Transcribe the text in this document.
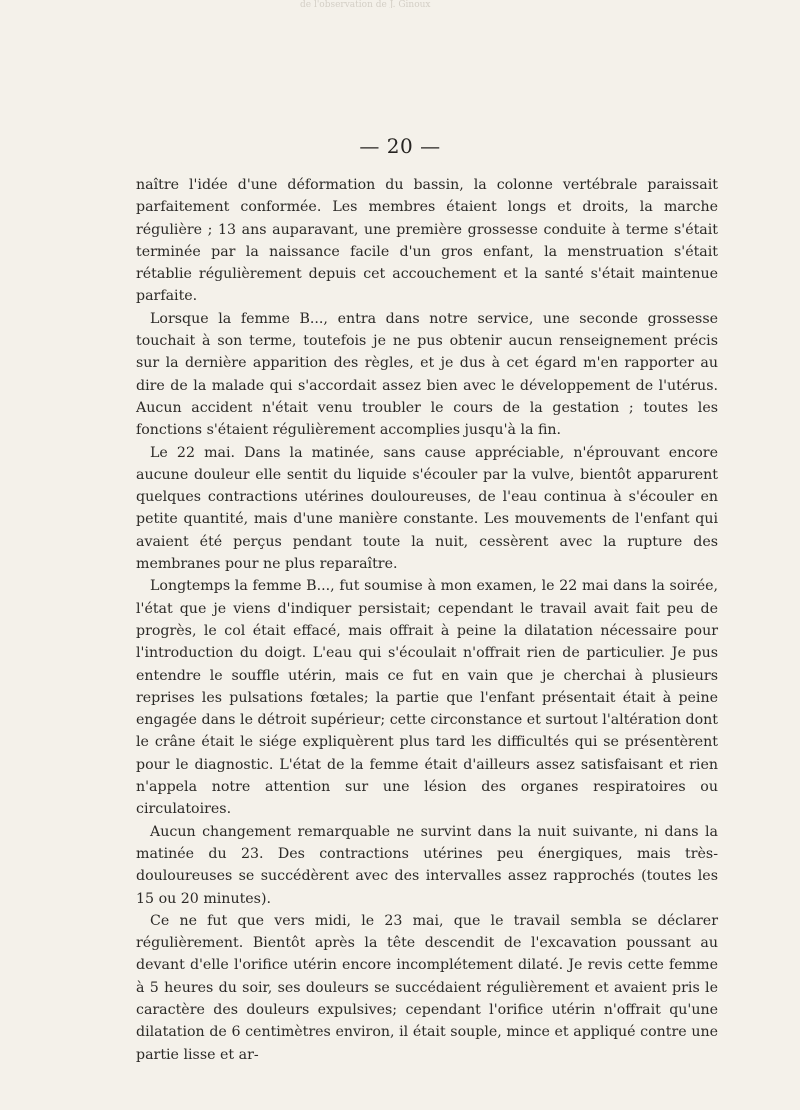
de l'observation de J. Ginoux
— 20 —

naître l'idée d'une déformation du bassin, la colonne vertébrale paraissait parfaitement conformée. Les membres étaient longs et droits, la marche régulière ; 13 ans auparavant, une première grossesse conduite à terme s'était terminée par la naissance facile d'un gros enfant, la menstruation s'était rétablie régulièrement depuis cet accouchement et la santé s'était maintenue parfaite.

Lorsque la femme B..., entra dans notre service, une seconde grossesse touchait à son terme, toutefois je ne pus obtenir aucun renseignement précis sur la dernière apparition des règles, et je dus à cet égard m'en rapporter au dire de la malade qui s'accordait assez bien avec le développement de l'utérus. Aucun accident n'était venu troubler le cours de la gestation ; toutes les fonctions s'étaient régulièrement accomplies jusqu'à la fin.

Le 22 mai. Dans la matinée, sans cause appréciable, n'éprouvant encore aucune douleur elle sentit du liquide s'écouler par la vulve, bientôt apparurent quelques contractions utérines douloureuses, de l'eau continua à s'écouler en petite quantité, mais d'une manière constante. Les mouvements de l'enfant qui avaient été perçus pendant toute la nuit, cessèrent avec la rupture des membranes pour ne plus reparaître.

Longtemps la femme B..., fut soumise à mon examen, le 22 mai dans la soirée, l'état que je viens d'indiquer persistait; cependant le travail avait fait peu de progrès, le col était effacé, mais offrait à peine la dilatation nécessaire pour l'introduction du doigt. L'eau qui s'écoulait n'offrait rien de particulier. Je pus entendre le souffle utérin, mais ce fut en vain que je cherchai à plusieurs reprises les pulsations fœtales; la partie que l'enfant présentait était à peine engagée dans le détroit supérieur; cette circonstance et surtout l'altération dont le crâne était le siége expliquèrent plus tard les difficultés qui se présentèrent pour le diagnostic. L'état de la femme était d'ailleurs assez satisfaisant et rien n'appela notre attention sur une lésion des organes respiratoires ou circulatoires.

Aucun changement remarquable ne survint dans la nuit suivante, ni dans la matinée du 23. Des contractions utérines peu énergiques, mais très-douloureuses se succédèrent avec des intervalles assez rapprochés (toutes les 15 ou 20 minutes).

Ce ne fut que vers midi, le 23 mai, que le travail sembla se déclarer régulièrement. Bientôt après la tête descendit de l'excavation poussant au devant d'elle l'orifice utérin encore incomplétement dilaté. Je revis cette femme à 5 heures du soir, ses douleurs se succédaient régulièrement et avaient pris le caractère des douleurs expulsives; cependant l'orifice utérin n'offrait qu'une dilatation de 6 centimètres environ, il était souple, mince et appliqué contre une partie lisse et ar-
